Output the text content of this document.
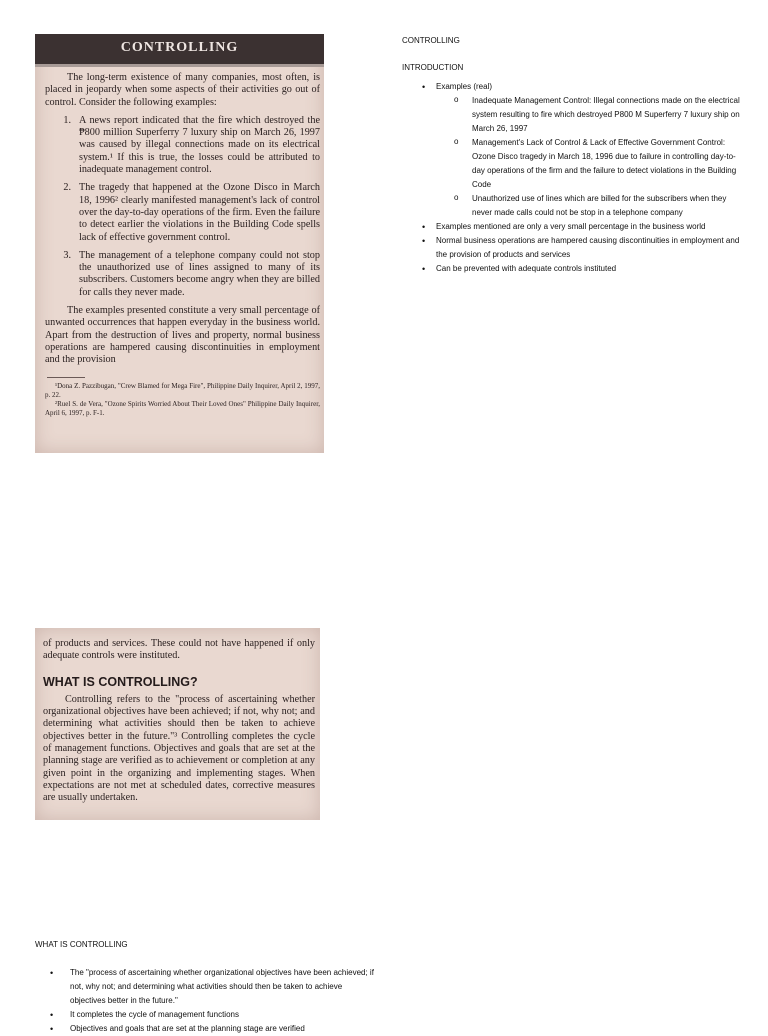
CONTROLLING

The long-term existence of many companies, most often, is placed in jeopardy when some aspects of their activities go out of control. Consider the following examples:

1. A news report indicated that the fire which destroyed the ₱800 million Superferry 7 luxury ship on March 26, 1997 was caused by illegal connections made on its electrical system.¹ If this is true, the losses could be attributed to inadequate management control.
2. The tragedy that happened at the Ozone Disco in March 18, 1996² clearly manifested management's lack of control over the day-to-day operations of the firm. Even the failure to detect earlier the violations in the Building Code spells lack of effective government control.
3. The management of a telephone company could not stop the unauthorized use of lines assigned to many of its subscribers. Customers become angry when they are billed for calls they never made.

The examples presented constitute a very small percentage of unwanted occurrences that happen everyday in the business world. Apart from the destruction of lives and property, normal business operations are hampered causing discontinuities in employment and the provision

¹Dona Z. Pazzibugan, "Crew Blamed for Mega Fire", Philippine Daily Inquirer, April 2, 1997, p. 22.

²Ruel S. de Vera, "Ozone Spirits Worried About Their Loved Ones" Philippine Daily Inquirer, April 6, 1997, p. F-1.

CONTROLLING
INTRODUCTION
• Examples (real)
o Inadequate Management Control: Illegal connections made on the electrical system resulting to fire which destroyed P800 M Superferry 7 luxury ship on March 26, 1997
o Management's Lack of Control & Lack of Effective Government Control: Ozone Disco tragedy in March 18, 1996 due to failure in controlling day-to-day operations of the firm and the failure to detect violations in the Building Code
o Unauthorized use of lines which are billed for the subscribers when they never made calls could not be stop in a telephone company
• Examples mentioned are only a very small percentage in the business world
• Normal business operations are hampered causing discontinuities in employment and the provision of products and services
• Can be prevented with adequate controls instituted

of products and services. These could not have happened if only adequate controls were instituted.

WHAT IS CONTROLLING?

Controlling refers to the "process of ascertaining whether organizational objectives have been achieved; if not, why not; and determining what activities should then be taken to achieve objectives better in the future."³ Controlling completes the cycle of management functions. Objectives and goals that are set at the planning stage are verified as to achievement or completion at any given point in the organizing and implementing stages. When expectations are not met at scheduled dates, corrective measures are usually undertaken.

WHAT IS CONTROLLING
• The "process of ascertaining whether organizational objectives have been achieved; if not, why not; and determining what activities should then be taken to achieve objectives better in the future."
• It completes the cycle of management functions
• Objectives and goals that are set at the planning stage are verified
